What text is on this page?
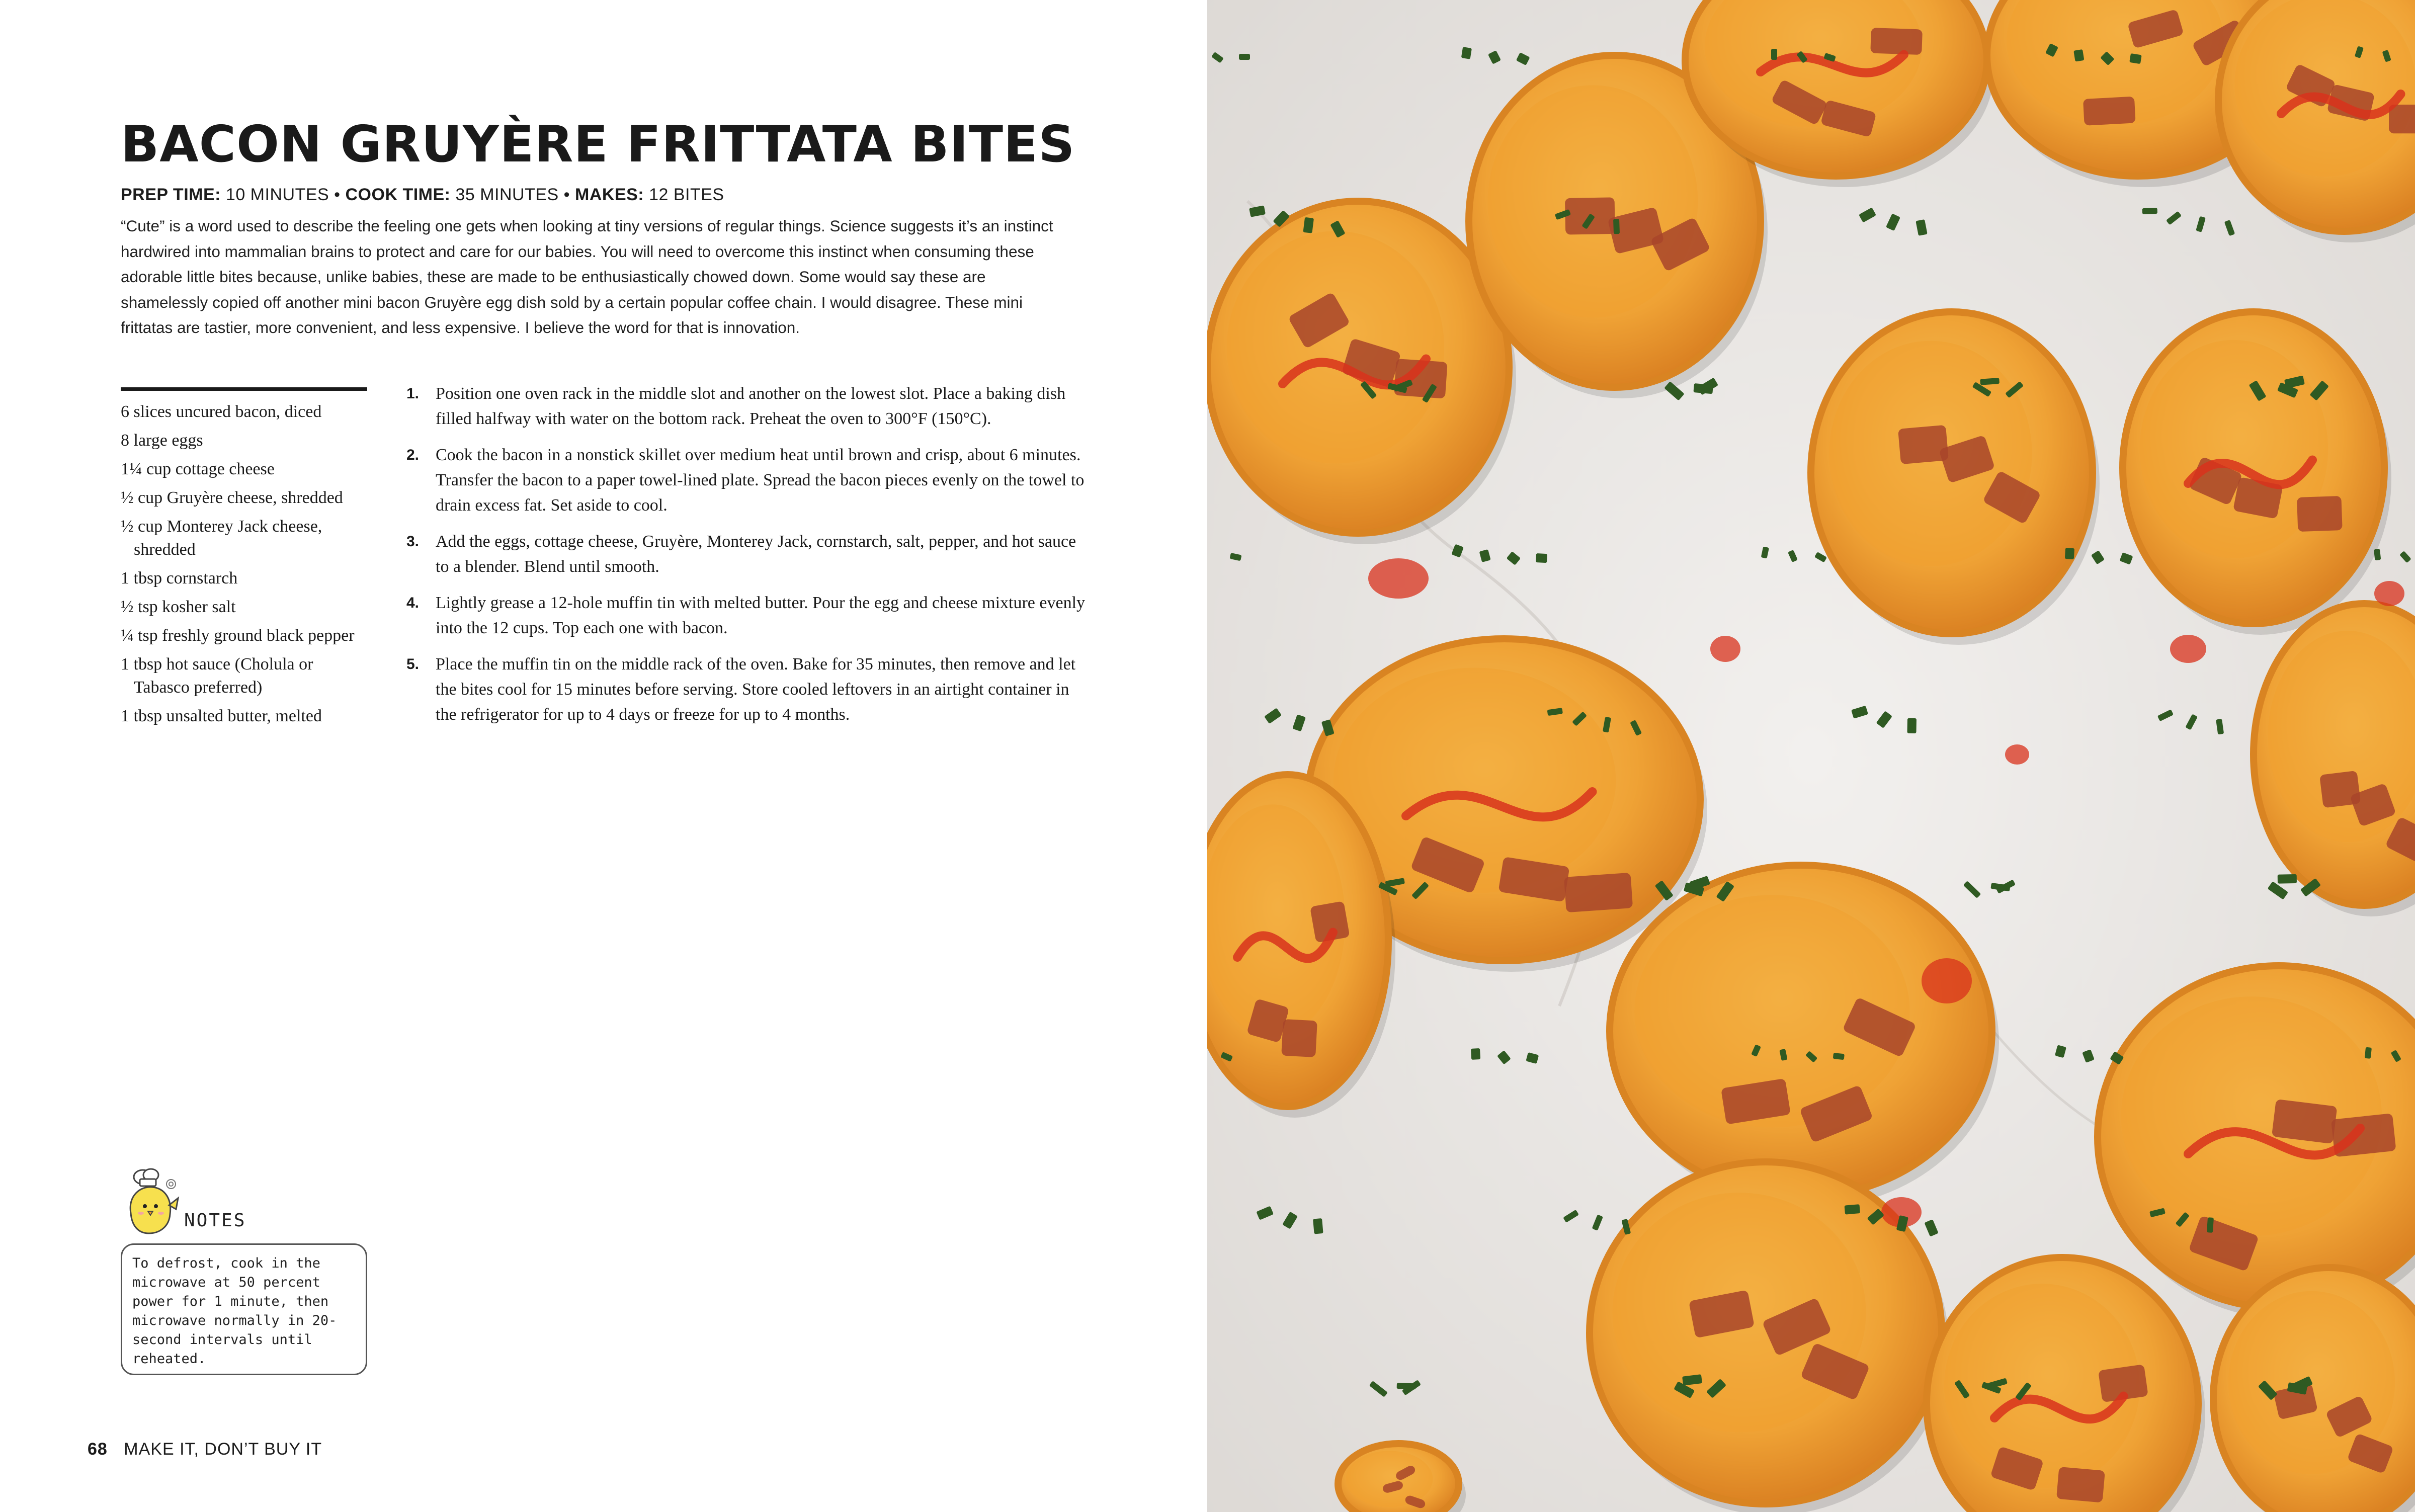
BACON GRUYÈRE FRITTATA BITES
PREP TIME: 10 MINUTES • COOK TIME: 35 MINUTES • MAKES: 12 BITES

“Cute” is a word used to describe the feeling one gets when looking at tiny versions of regular things. Science suggests it’s an instinct hardwired into mammalian brains to protect and care for our babies. You will need to overcome this instinct when consuming these adorable little bites because, unlike babies, these are made to be enthusiastically chowed down. Some would say these are shamelessly copied off another mini bacon Gruyère egg dish sold by a certain popular coffee chain. I would disagree. These mini frittatas are tastier, more convenient, and less expensive. I believe the word for that is innovation.

6 slices uncured bacon, diced
8 large eggs
1¼ cup cottage cheese
½ cup Gruyère cheese, shredded
½ cup Monterey Jack cheese, shredded
1 tbsp cornstarch
½ tsp kosher salt
¼ tsp freshly ground black pepper
1 tbsp hot sauce (Cholula or Tabasco preferred)
1 tbsp unsalted butter, melted
1. Position one oven rack in the middle slot and another on the lowest slot. Place a baking dish filled halfway with water on the bottom rack. Preheat the oven to 300°F (150°C).
2. Cook the bacon in a nonstick skillet over medium heat until brown and crisp, about 6 minutes. Transfer the bacon to a paper towel-lined plate. Spread the bacon pieces evenly on the towel to drain excess fat. Set aside to cool.
3. Add the eggs, cottage cheese, Gruyère, Monterey Jack, cornstarch, salt, pepper, and hot sauce to a blender. Blend until smooth.
4. Lightly grease a 12-hole muffin tin with melted butter. Pour the egg and cheese mixture evenly into the 12 cups. Top each one with bacon.
5. Place the muffin tin on the middle rack of the oven. Bake for 35 minutes, then remove and let the bites cool for 15 minutes before serving. Store cooled leftovers in an airtight container in the refrigerator for up to 4 days or freeze for up to 4 months.
NOTES
To defrost, cook in the microwave at 50 percent power for 1 minute, then microwave normally in 20-second intervals until reheated.
68 MAKE IT, DON’T BUY IT
